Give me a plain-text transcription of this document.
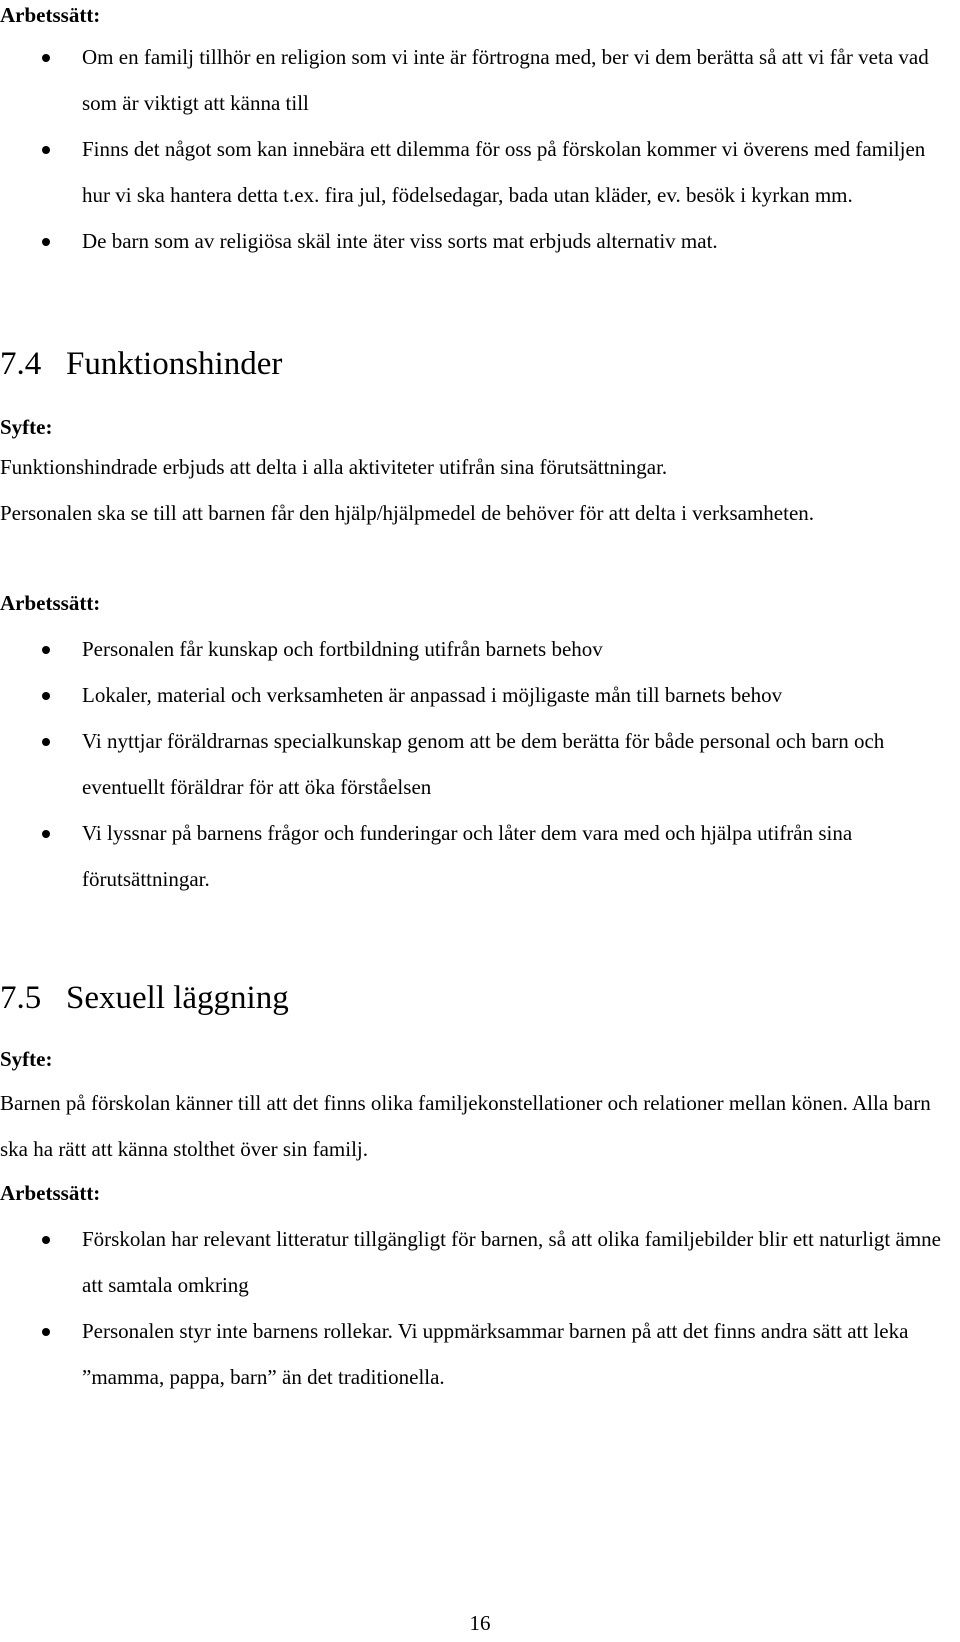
Arbetssätt:
Om en familj tillhör en religion som vi inte är förtrogna med, ber vi dem berätta så att vi får veta vad som är viktigt att känna till
Finns det något som kan innebära ett dilemma för oss på förskolan kommer vi överens med familjen hur vi ska hantera detta t.ex. fira jul, födelsedagar, bada utan kläder, ev. besök i kyrkan mm.
De barn som av religiösa skäl inte äter viss sorts mat erbjuds alternativ mat.
7.4 Funktionshinder
Syfte:
Funktionshindrade erbjuds att delta i alla aktiviteter utifrån sina förutsättningar.
Personalen ska se till att barnen får den hjälp/hjälpmedel de behöver för att delta i verksamheten.
Arbetssätt:
Personalen får kunskap och fortbildning utifrån barnets behov
Lokaler, material och verksamheten är anpassad i möjligaste mån till barnets behov
Vi nyttjar föräldrarnas specialkunskap genom att be dem berätta för både personal och barn och eventuellt föräldrar för att öka förståelsen
Vi lyssnar på barnens frågor och funderingar och låter dem vara med och hjälpa utifrån sina förutsättningar.
7.5 Sexuell läggning
Syfte:
Barnen på förskolan känner till att det finns olika familjekonstellationer och relationer mellan könen. Alla barn ska ha rätt att känna stolthet över sin familj.
Arbetssätt:
Förskolan har relevant litteratur tillgängligt för barnen, så att olika familjebilder blir ett naturligt ämne att samtala omkring
Personalen styr inte barnens rollekar. Vi uppmärksammar barnen på att det finns andra sätt att leka ”mamma, pappa, barn” än det traditionella.
16
